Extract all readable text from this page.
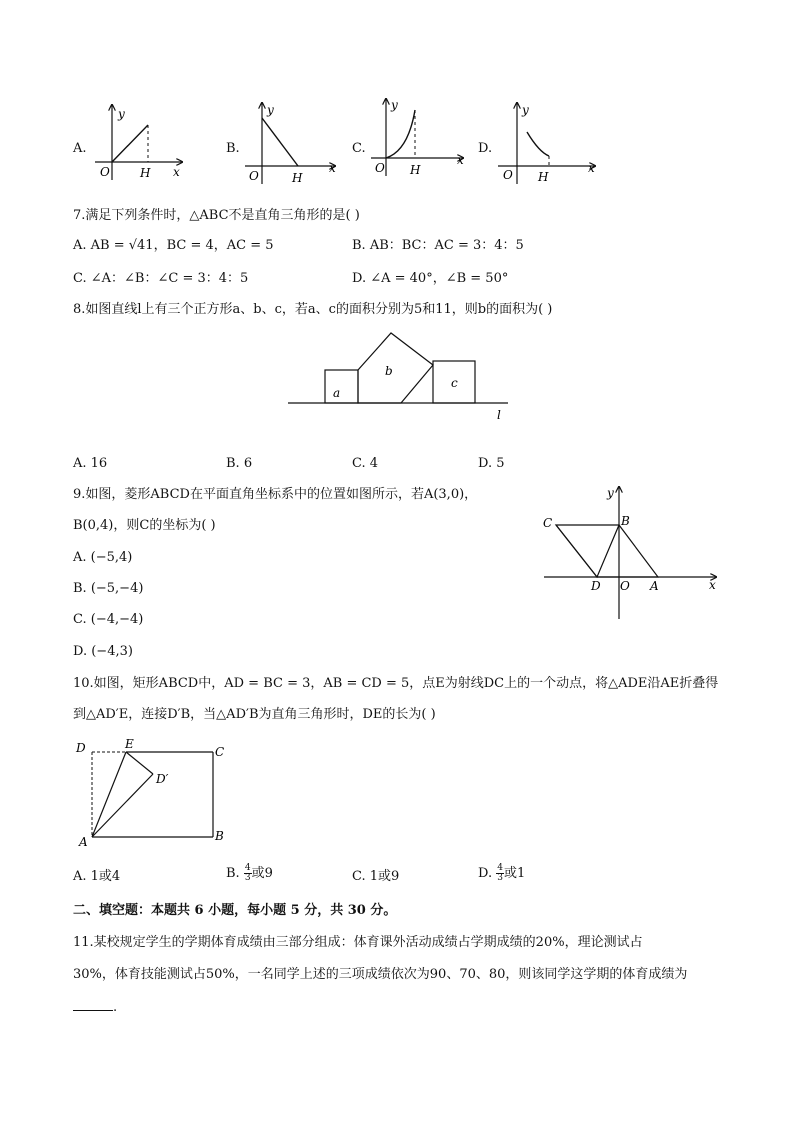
A.
y
x
O	H
B.
y
x
O	H
C.
y
x
O H
D.
y
x
O H
7.满足下列条件时，△ABC不是直角三角形的是( )
A. AB = √41，BC = 4，AC = 5	B. AB：BC：AC = 3：4：5
C. ∠A：∠B：∠C = 3：4：5	D. ∠A = 40°，∠B = 50°
8.如图直线l上有三个正方形a、b、c，若a、c的面积分别为5和11，则b的面积为( )
a
b
c
l
A. 16	B. 6	C. 4	D. 5
9.如图，菱形ABCD在平面直角坐标系中的位置如图所示，若A(3,0)，
B(0,4)，则C的坐标为( )
A. (−5,4)
B. (−5,−4)
C. (−4,−4)
D. (−4,3)
y
x
C	B
D O A
10.如图，矩形ABCD中，AD = BC = 3，AB = CD = 5，点E为射线DC上的一个动点，将△ADE沿AE折叠得
到△AD′E，连接D′B，当△AD′B为直角三角形时，DE的长为( )
D	E
C
D′
A	B
A. 1或4	B. $\frac{4}{3}$ 或9	C. 1或9	D. $\frac{4}{3}$ 或1
二、填空题：本题共 6 小题，每小题 5 分，共 30 分。
11.某校规定学生的学期体育成绩由三部分组成：体育课外活动成绩占学期成绩的20%，理论测试占
30%，体育技能测试占50%，一名同学上述的三项成绩依次为90、70、80，则该同学这学期的体育成绩为
.
